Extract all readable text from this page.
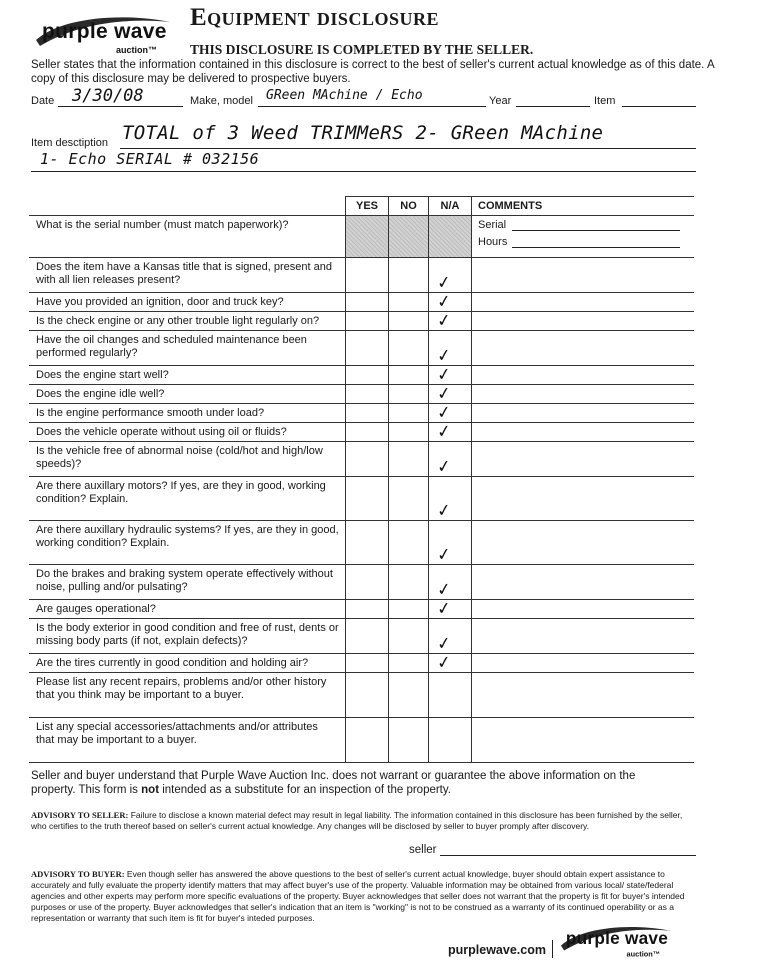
purple wave
auction™
Equipment disclosure
THIS DISCLOSURE IS COMPLETED BY THE SELLER.
Seller states that the information contained in this disclosure is correct to the best of seller's current actual knowledge as of this date. A copy of this disclosure may be delivered to prospective buyers.
Date 3/30/08	Make, model GReen MAchine / Echo	Year	Item
Item desctiption TOTAL of 3 Weed TRIMMeRS 2- GReen MAchine
1- Echo SERIAL # 032156
	YES	NO	N/A	COMMENTS
What is the serial number (must match paperwork)?				Serial
Hours

Does the item have a Kansas title that is signed, present and with all lien releases present?			✓	

Have you provided an ignition, door and truck key?			✓	

Is the check engine or any other trouble light regularly on?			✓	

Have the oil changes and scheduled maintenance been performed regularly?			✓	

Does the engine start well?			✓	

Does the engine idle well?			✓	

Is the engine performance smooth under load?			✓	

Does the vehicle operate without using oil or fluids?			✓	

Is the vehicle free of abnormal noise (cold/hot and high/low speeds)?			✓	

Are there auxillary motors? If yes, are they in good, working condition? Explain.			✓	

Are there auxillary hydraulic systems? If yes, are they in good, working condition? Explain.			✓	

Do the brakes and braking system operate effectively without noise, pulling and/or pulsating?			✓	

Are gauges operational?			✓	

Is the body exterior in good condition and free of rust, dents or missing body parts (if not, explain defects)?			✓	

Are the tires currently in good condition and holding air?			✓	

Please list any recent repairs, problems and/or other history that you think may be important to a buyer.				
List any special accessories/attachments and/or attributes that may be important to a buyer.				
Seller and buyer understand that Purple Wave Auction Inc. does not warrant or guarantee the above information on the property. This form is not intended as a substitute for an inspection of the property.
ADVISORY TO SELLER: Failure to disclose a known material defect may result in legal liability. The information contained in this disclosure has been furnished by the seller, who certifies to the truth thereof based on seller's current actual knowledge. Any changes will be disclosed by seller to buyer promply after discovery.
seller
ADVISORY TO BUYER: Even though seller has answered the above questions to the best of seller's current actual knowledge, buyer should obtain expert assistance to accurately and fully evaluate the property identify matters that may affect buyer's use of the property. Valuable information may be obtained from various local/ state/federal agencies and other experts may perform more specific evaluations of the property. Buyer acknowledges that seller does not warrant that the property is fit for buyer's intended purposes or use of the property. Buyer acknowledges that seller's indication that an item is "working" is not to be construed as a warranty of its continued operability or as a representation or warranty that such item is fit for buyer's inteded purposes.
purplewave.com
purple wave
auction™
